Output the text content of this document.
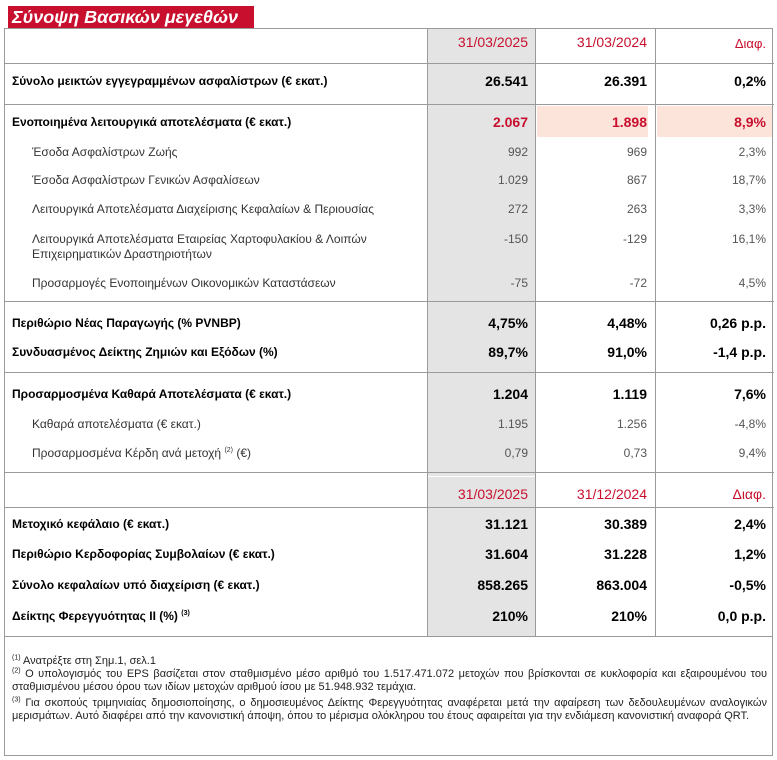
Σύνοψη Βασικών μεγεθών
31/03/2025	31/03/2024	Διαφ.
Σύνολο μεικτών εγγεγραμμένων ασφαλίστρων (€ εκατ.)	26.541	26.391	0,2%
Ενοποιημένα λειτουργικά αποτελέσματα (€ εκατ.)	2.067	1.898	8,9%
Έσοδα Ασφαλίστρων Ζωής	992	969	2,3%
Έσοδα Ασφαλίστρων Γενικών Ασφαλίσεων	1.029	867	18,7%
Λειτουργικά Αποτελέσματα Διαχείρισης Κεφαλαίων & Περιουσίας	272	263	3,3%
Λειτουργικά Αποτελέσματα Εταιρείας Χαρτοφυλακίου & Λοιπών
Επιχειρηματικών Δραστηριοτήτων
-150	-129	16,1%
Προσαρμογές Ενοποιημένων Οικονομικών Καταστάσεων	-75	-72	4,5%
Περιθώριο Νέας Παραγωγής (% PVNBP)	4,75%	4,48%	0,26 p.p.
Συνδυασμένος Δείκτης Ζημιών και Εξόδων (%)	89,7%	91,0%	-1,4 p.p.
Προσαρμοσμένα Καθαρά Αποτελέσματα (€ εκατ.)	1.204	1.119	7,6%
Καθαρά αποτελέσματα (€ εκατ.)	1.195	1.256	-4,8%
Προσαρμοσμένα Κέρδη ανά μετοχή $^{(2)}$ (€)	0,79	0,73	9,4%
31/03/2025	31/12/2024	Διαφ.
Μετοχικό κεφάλαιο (€ εκατ.)	31.121	30.389	2,4%
Περιθώριο Κερδοφορίας Συμβολαίων (€ εκατ.)	31.604	31.228	1,2%
Σύνολο κεφαλαίων υπό διαχείριση (€ εκατ.)	858.265	863.004	-0,5%
Δείκτης Φερεγγυότητας ΙΙ (%) $^{(3)}$	210%	210%	0,0 p.p.
$^{(1)}$ Ανατρέξτε στη Σημ.1, σελ.1
$^{(2)}$ Ο υπολογισμός του EPS βασίζεται στον σταθμισμένο μέσο αριθμό του 1.517.471.072 μετοχών που βρίσκονται σε κυκλοφορία και εξαιρουμένου του σταθμισμένου μέσου όρου των ιδίων μετοχών αριθμού ίσου με 51.948.932 τεμάχια.
$^{(3)}$ Για σκοπούς τριμηνιαίας δημοσιοποίησης, ο δημοσιευμένος Δείκτης Φερεγγυότητας αναφέρεται μετά την αφαίρεση των δεδουλευμένων αναλογικών μερισμάτων. Αυτό διαφέρει από την κανονιστική άποψη, όπου το μέρισμα ολόκληρου του έτους αφαιρείται για την ενδιάμεση κανονιστική αναφορά QRT.
